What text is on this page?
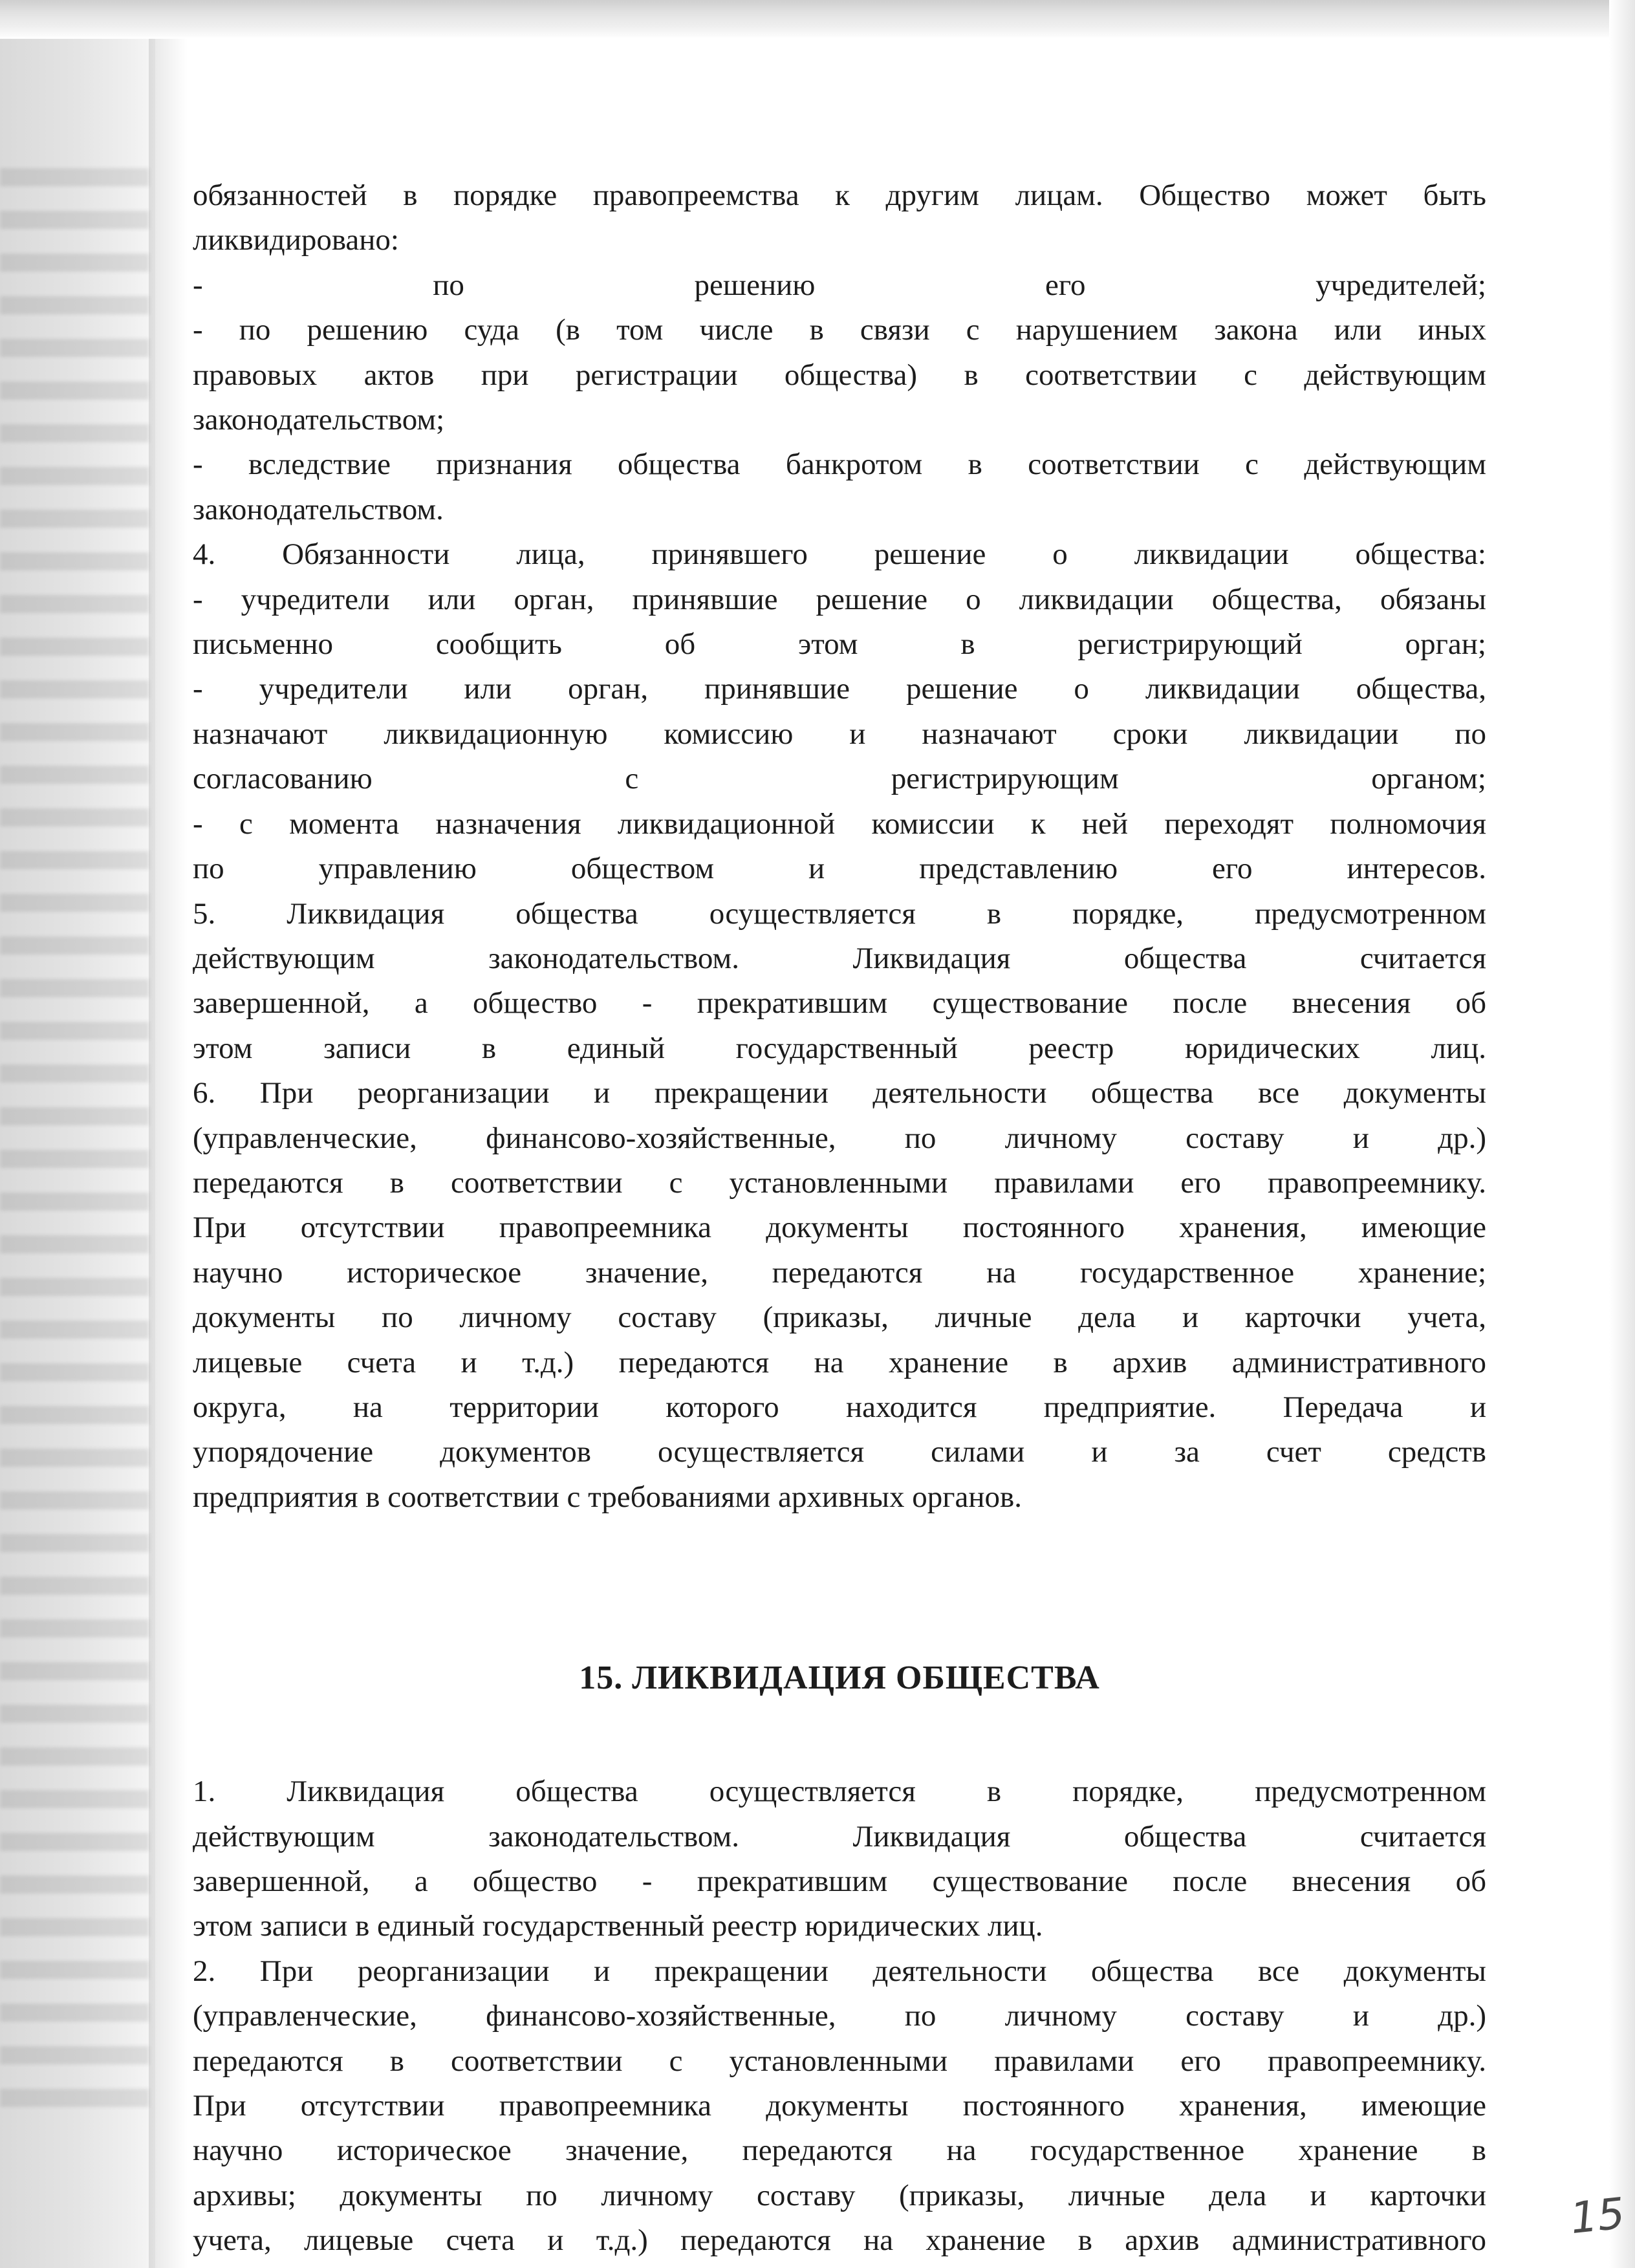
обязанностей в порядке правопреемства к другим лицам. Общество может быть

ликвидировано:

- по решению его учредителей;

- по решению суда (в том числе в связи с нарушением закона или иных

правовых актов при регистрации общества) в соответствии с действующим

законодательством;

- вследствие признания общества банкротом в соответствии с действующим

законодательством.

4. Обязанности лица, принявшего решение о ликвидации общества:

- учредители или орган, принявшие решение о ликвидации общества, обязаны

письменно сообщить об этом в регистрирующий орган;

- учредители или орган, принявшие решение о ликвидации общества,

назначают ликвидационную комиссию и назначают сроки ликвидации по

согласованию с регистрирующим органом;

- с момента назначения ликвидационной комиссии к ней переходят полномочия

по управлению обществом и представлению его интересов.

5. Ликвидация общества осуществляется в порядке, предусмотренном

действующим законодательством. Ликвидация общества считается

завершенной, а общество - прекратившим существование после внесения об

этом записи в единый государственный реестр юридических лиц.

6. При реорганизации и прекращении деятельности общества все документы

(управленческие, финансово-хозяйственные, по личному составу и др.)

передаются в соответствии с установленными правилами его правопреемнику.

При отсутствии правопреемника документы постоянного хранения, имеющие

научно историческое значение, передаются на государственное хранение;

документы по личному составу (приказы, личные дела и карточки учета,

лицевые счета и т.д.) передаются на хранение в архив административного

округа, на территории которого находится предприятие. Передача и

упорядочение документов осуществляется силами и за счет средств

предприятия в соответствии с требованиями архивных органов.

15. ЛИКВИДАЦИЯ ОБЩЕСТВА

1. Ликвидация общества осуществляется в порядке, предусмотренном

действующим законодательством. Ликвидация общества считается

завершенной, а общество - прекратившим существование после внесения об

этом записи в единый государственный реестр юридических лиц.

2. При реорганизации и прекращении деятельности общества все документы

(управленческие, финансово-хозяйственные, по личному составу и др.)

передаются в соответствии с установленными правилами его правопреемнику.

При отсутствии правопреемника документы постоянного хранения, имеющие

научно историческое значение, передаются на государственное хранение в

архивы; документы по личному составу (приказы, личные дела и карточки

учета, лицевые счета и т.д.) передаются на хранение в архив административного 15
